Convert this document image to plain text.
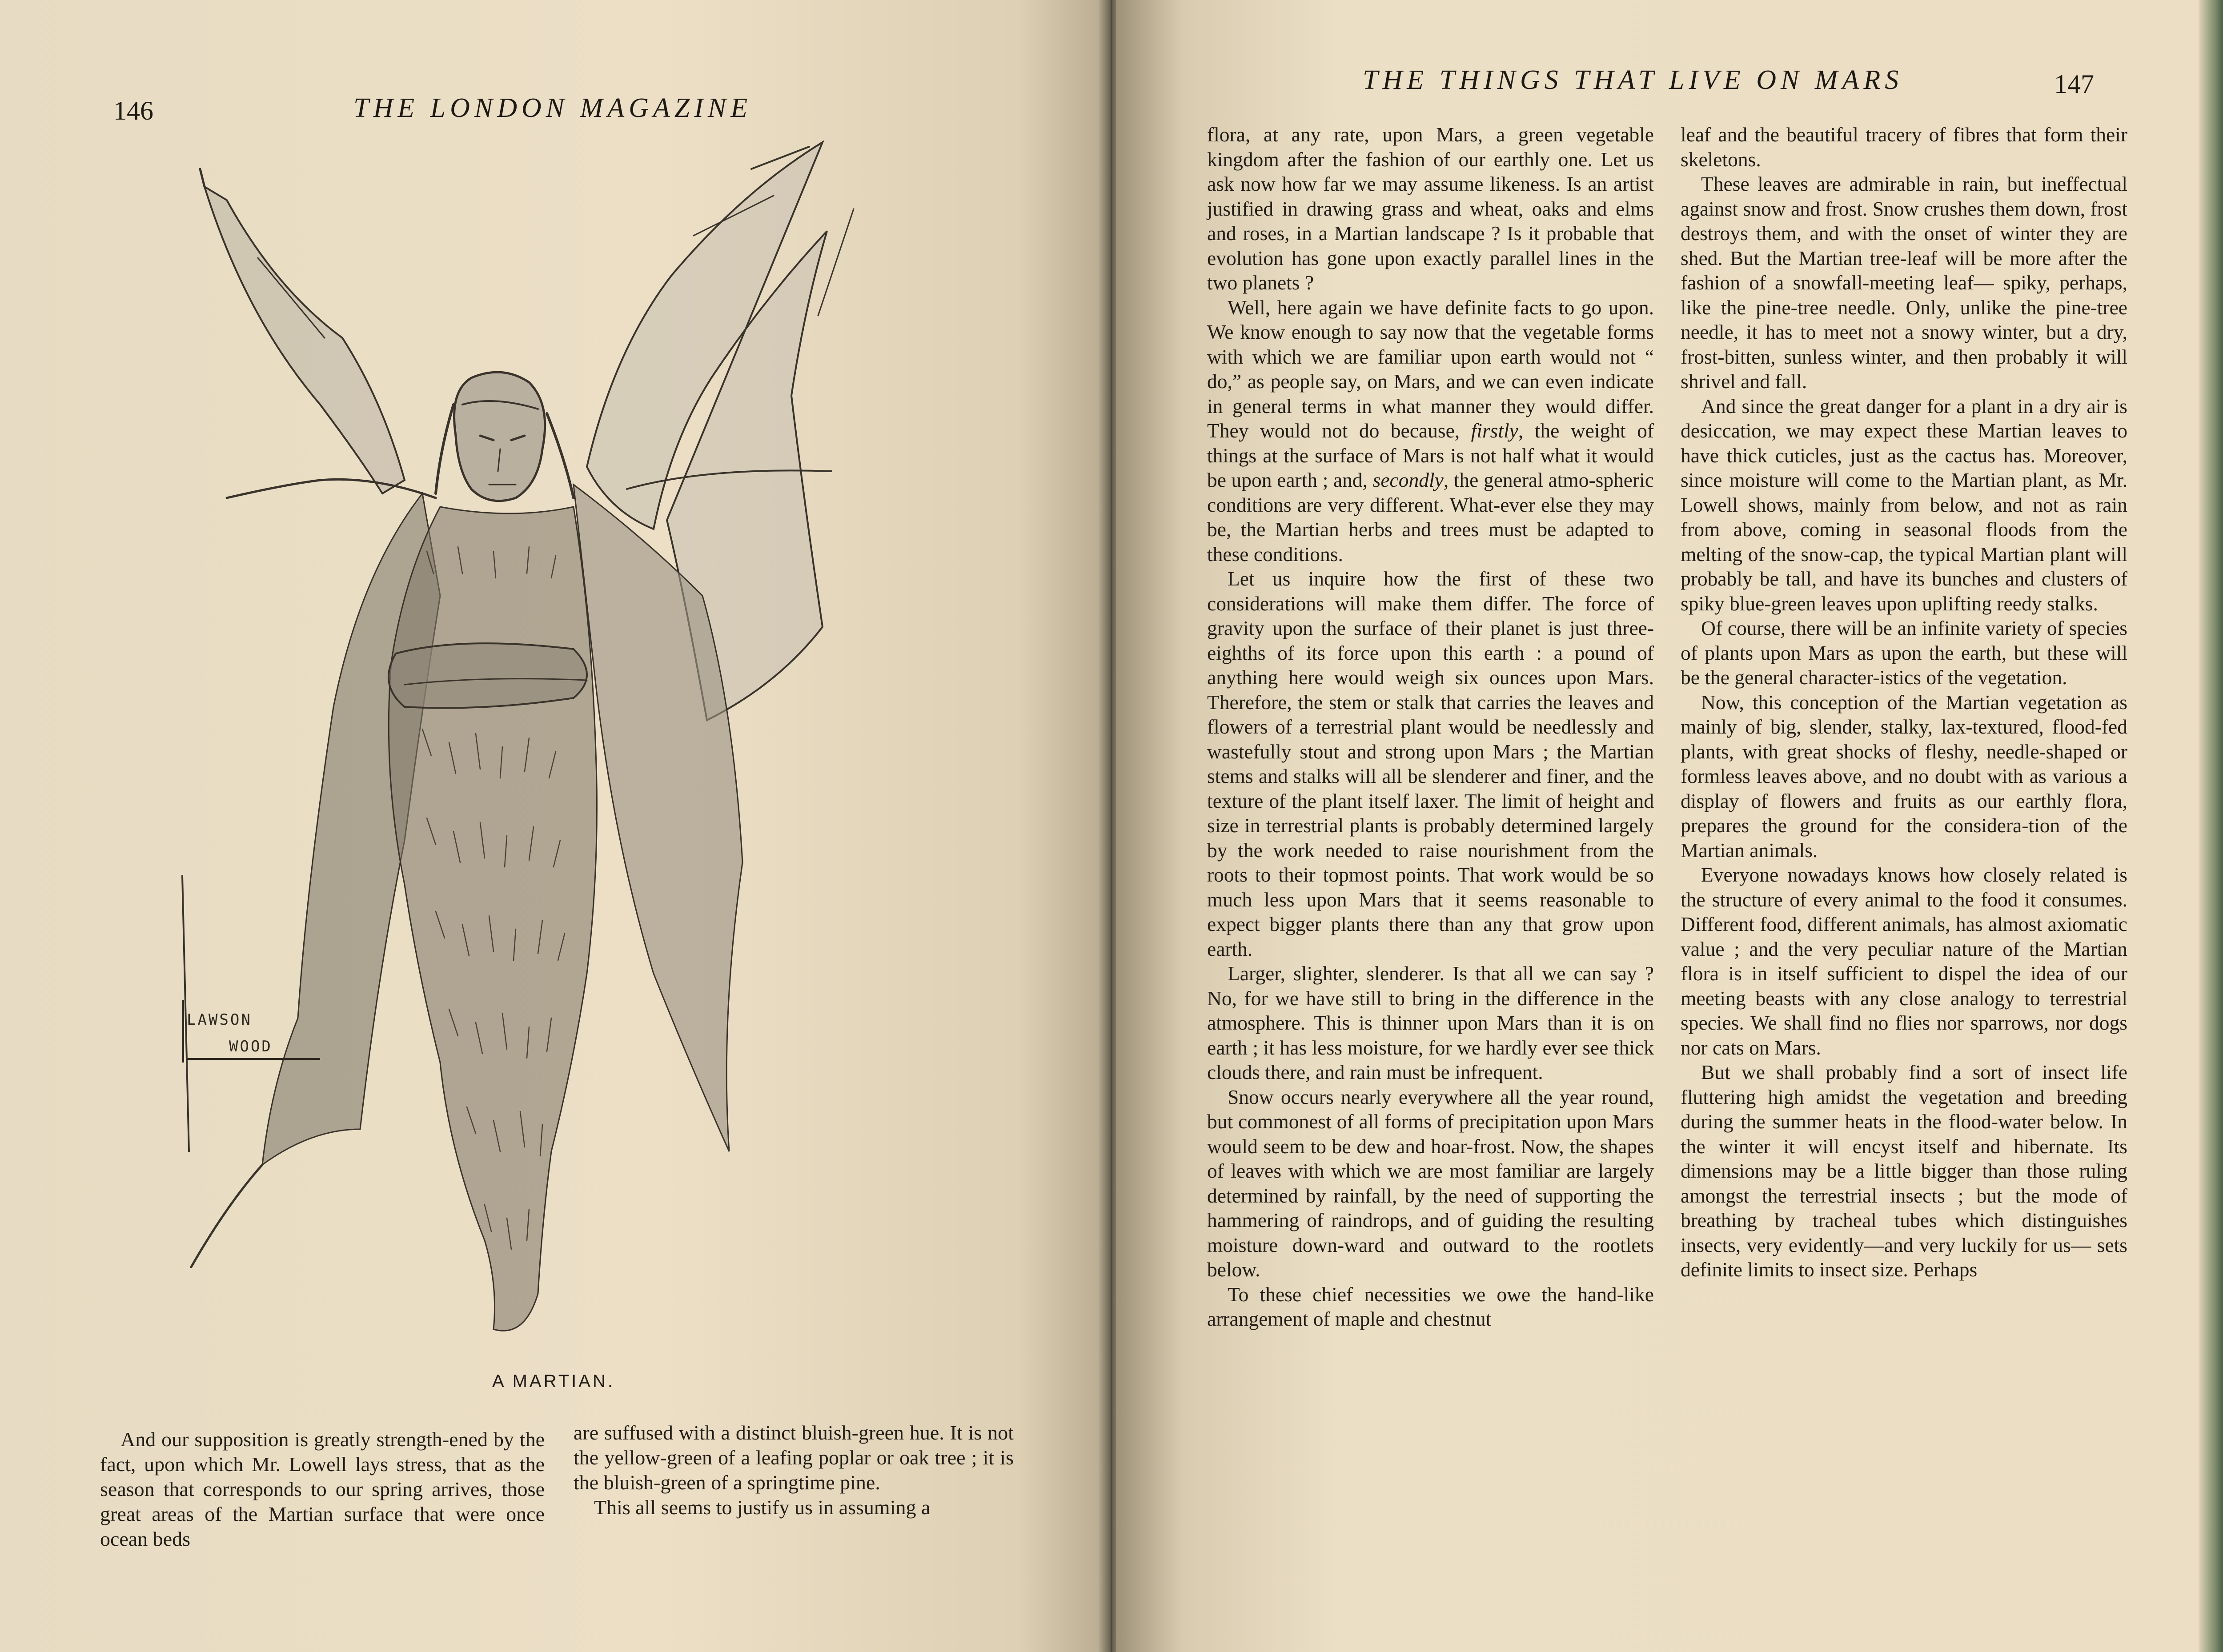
146	THE LONDON MAGAZINE
LAWSON
WOOD
A MARTIAN.

And our supposition is greatly strength-ened by the fact, upon which Mr. Lowell lays stress, that as the season that corresponds to our spring arrives, those great areas of the Martian surface that were once ocean beds

are suffused with a distinct bluish-green hue. It is not the yellow-green of a leafing poplar or oak tree ; it is the bluish-green of a springtime pine.

This all seems to justify us in assuming a

THE THINGS THAT LIVE ON MARS	147

flora, at any rate, upon Mars, a green vegetable kingdom after the fashion of our earthly one. Let us ask now how far we may assume likeness. Is an artist justified in drawing grass and wheat, oaks and elms and roses, in a Martian landscape ? Is it probable that evolution has gone upon exactly parallel lines in the two planets ?

Well, here again we have definite facts to go upon. We know enough to say now that the vegetable forms with which we are familiar upon earth would not “ do,” as people say, on Mars, and we can even indicate in general terms in what manner they would differ. They would not do because, firstly, the weight of things at the surface of Mars is not half what it would be upon earth ; and, secondly, the general atmo-spheric conditions are very different. What-ever else they may be, the Martian herbs and trees must be adapted to these conditions.

Let us inquire how the first of these two considerations will make them differ. The force of gravity upon the surface of their planet is just three-eighths of its force upon this earth : a pound of anything here would weigh six ounces upon Mars. Therefore, the stem or stalk that carries the leaves and flowers of a terrestrial plant would be needlessly and wastefully stout and strong upon Mars ; the Martian stems and stalks will all be slenderer and finer, and the texture of the plant itself laxer. The limit of height and size in terrestrial plants is probably determined largely by the work needed to raise nourishment from the roots to their topmost points. That work would be so much less upon Mars that it seems reasonable to expect bigger plants there than any that grow upon earth.

Larger, slighter, slenderer. Is that all we can say ? No, for we have still to bring in the difference in the atmosphere. This is thinner upon Mars than it is on earth ; it has less moisture, for we hardly ever see thick clouds there, and rain must be infrequent.

Snow occurs nearly everywhere all the year round, but commonest of all forms of precipitation upon Mars would seem to be dew and hoar-frost. Now, the shapes of leaves with which we are most familiar are largely determined by rainfall, by the need of supporting the hammering of raindrops, and of guiding the resulting moisture down-ward and outward to the rootlets below.

To these chief necessities we owe the hand-like arrangement of maple and chestnut

leaf and the beautiful tracery of fibres that form their skeletons.

These leaves are admirable in rain, but ineffectual against snow and frost. Snow crushes them down, frost destroys them, and with the onset of winter they are shed. But the Martian tree-leaf will be more after the fashion of a snowfall-meeting leaf— spiky, perhaps, like the pine-tree needle. Only, unlike the pine-tree needle, it has to meet not a snowy winter, but a dry, frost-bitten, sunless winter, and then probably it will shrivel and fall.

And since the great danger for a plant in a dry air is desiccation, we may expect these Martian leaves to have thick cuticles, just as the cactus has. Moreover, since moisture will come to the Martian plant, as Mr. Lowell shows, mainly from below, and not as rain from above, coming in seasonal floods from the melting of the snow-cap, the typical Martian plant will probably be tall, and have its bunches and clusters of spiky blue-green leaves upon uplifting reedy stalks.

Of course, there will be an infinite variety of species of plants upon Mars as upon the earth, but these will be the general character-istics of the vegetation.

Now, this conception of the Martian vegetation as mainly of big, slender, stalky, lax-textured, flood-fed plants, with great shocks of fleshy, needle-shaped or formless leaves above, and no doubt with as various a display of flowers and fruits as our earthly flora, prepares the ground for the considera-tion of the Martian animals.

Everyone nowadays knows how closely related is the structure of every animal to the food it consumes. Different food, different animals, has almost axiomatic value ; and the very peculiar nature of the Martian flora is in itself sufficient to dispel the idea of our meeting beasts with any close analogy to terrestrial species. We shall find no flies nor sparrows, nor dogs nor cats on Mars.

But we shall probably find a sort of insect life fluttering high amidst the vegetation and breeding during the summer heats in the flood-water below. In the winter it will encyst itself and hibernate. Its dimensions may be a little bigger than those ruling amongst the terrestrial insects ; but the mode of breathing by tracheal tubes which distinguishes insects, very evidently—and very luckily for us— sets definite limits to insect size. Perhaps
